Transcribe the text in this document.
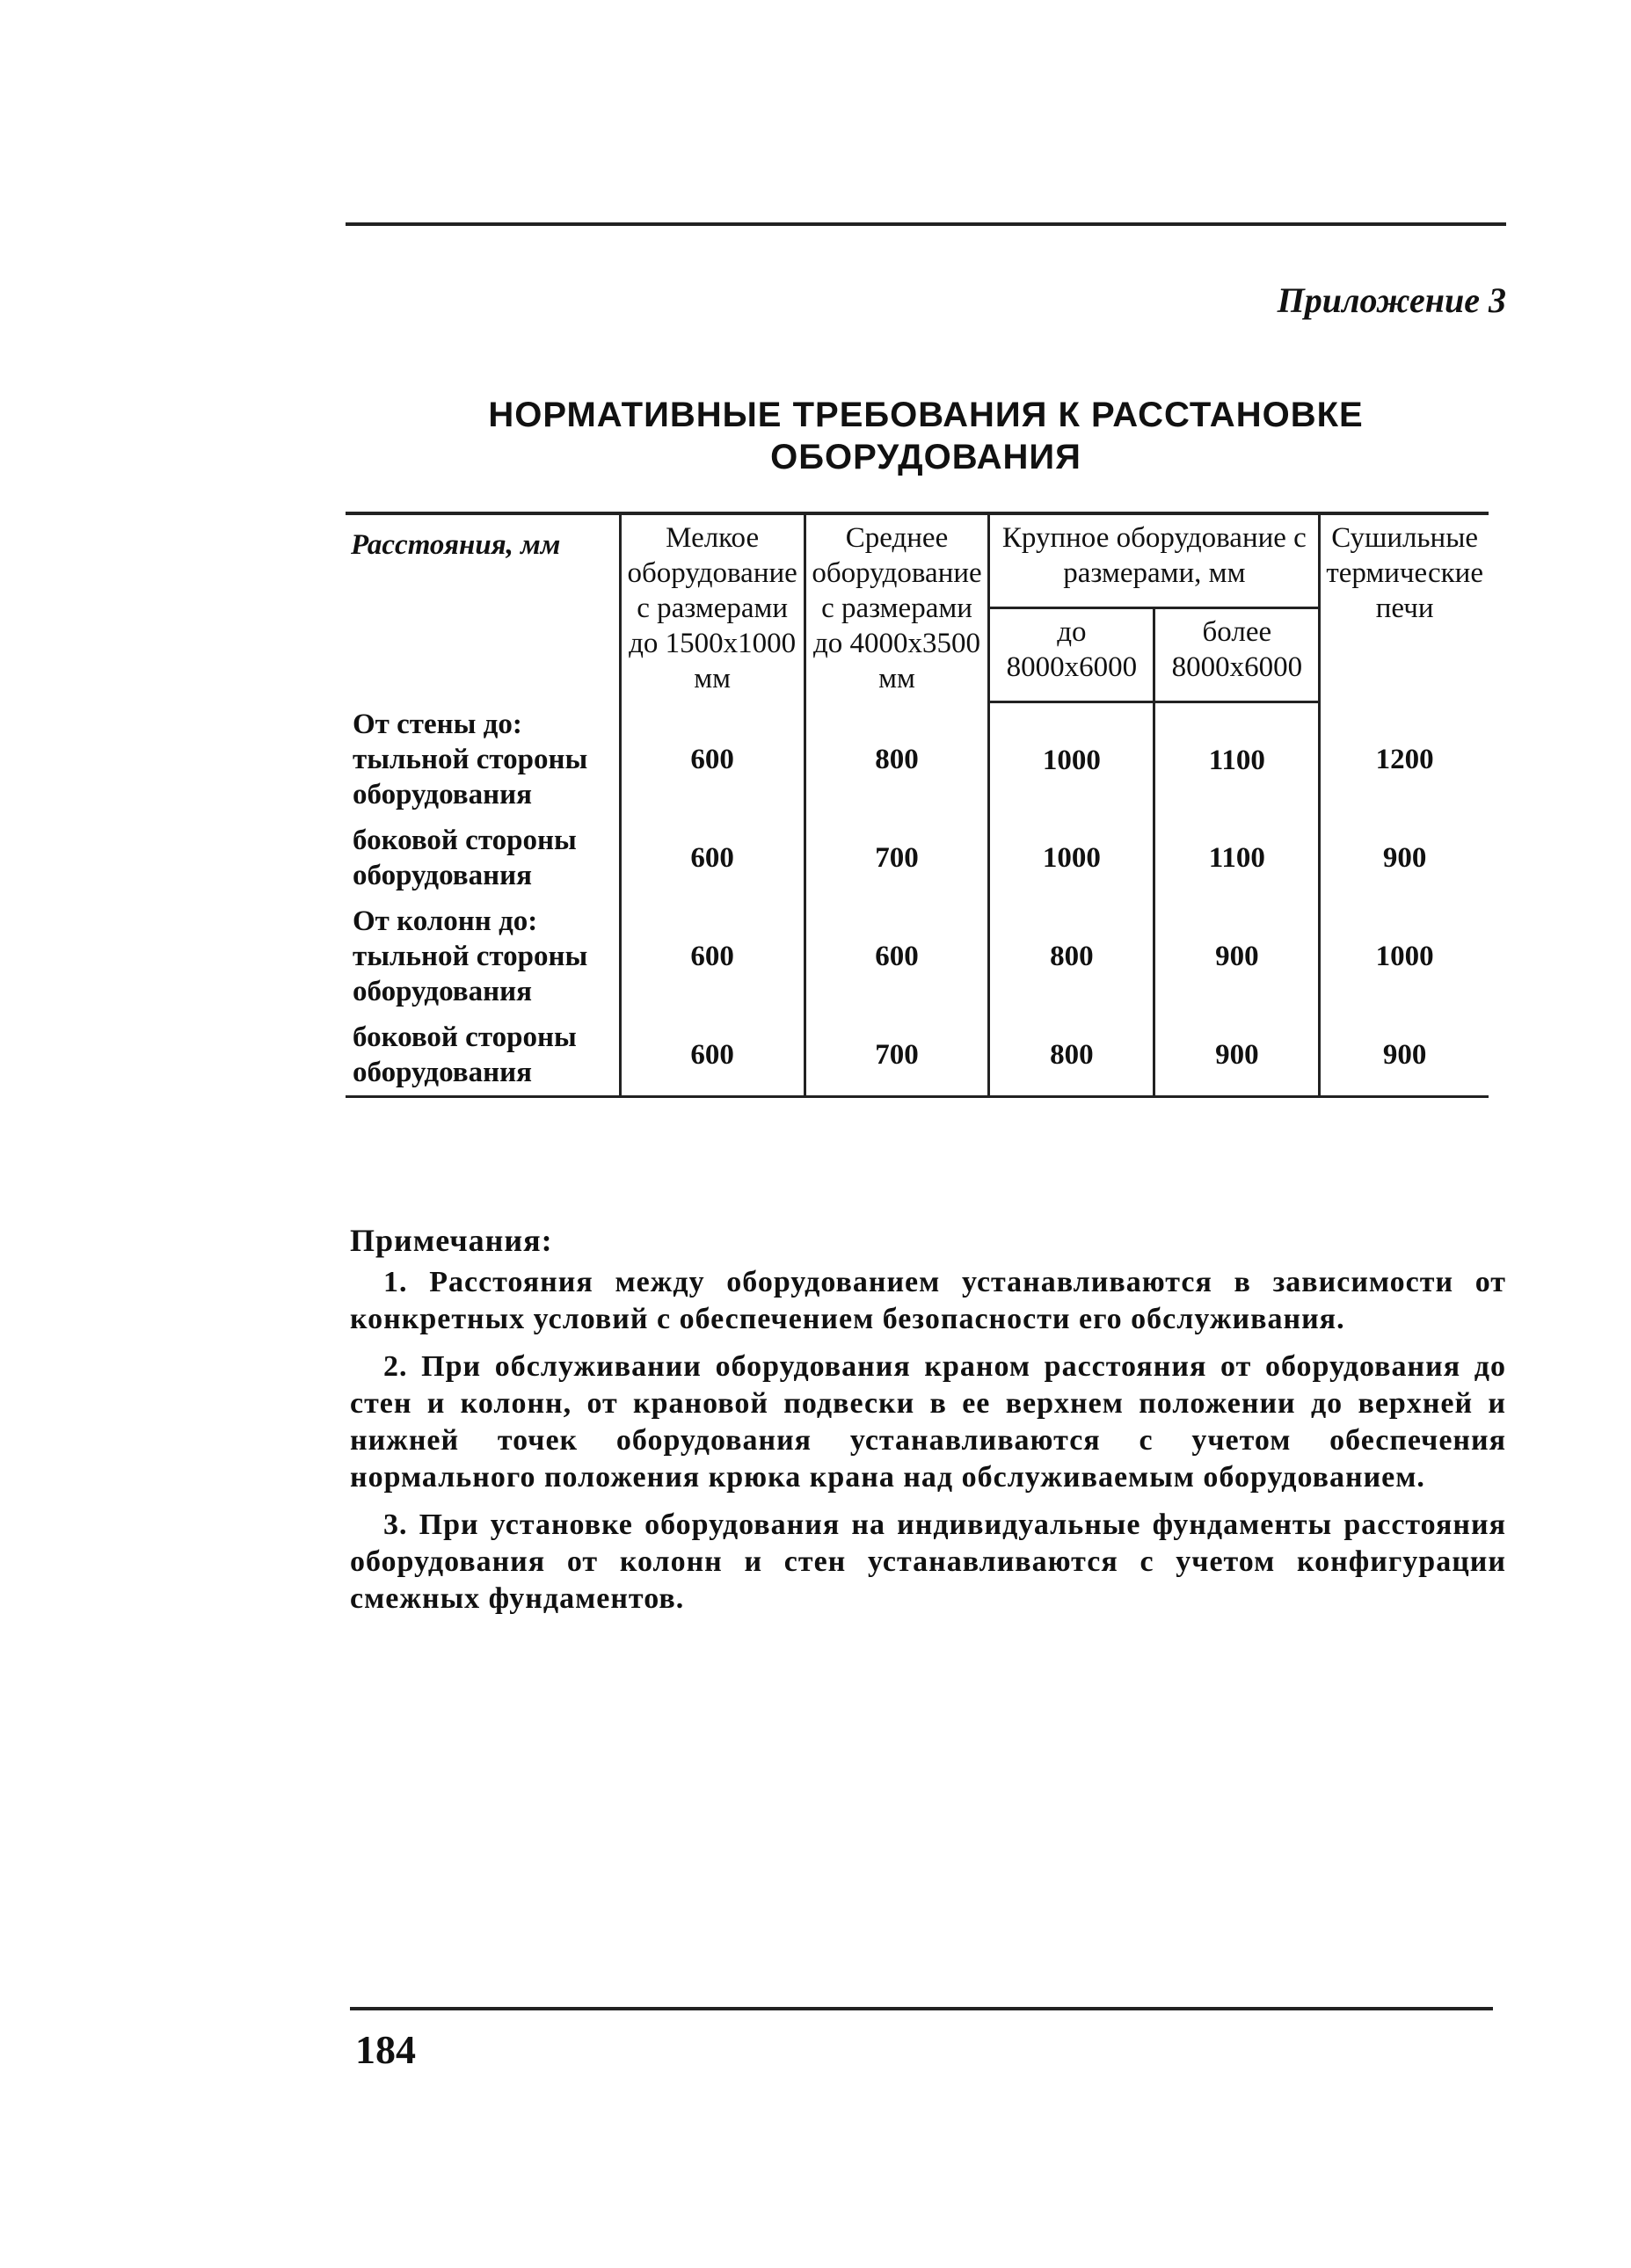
Приложение 3
НОРМАТИВНЫЕ ТРЕБОВАНИЯ К РАССТАНОВКЕ
ОБОРУДОВАНИЯ
Расстояния, мм	Мелкое оборудование с размерами до 1500х1000 мм	Среднее оборудование с размерами до 4000х3500 мм	Крупное оборудование с размерами, мм		Сушильные термические печи
			до 8000х6000	более 8000х6000	

От стены до:
тыльной стороны оборудования	600	800	1000	1100	1200
боковой стороны оборудования	600	700	1000	1100	900

От колонн до:
тыльной стороны оборудования	600	600	800	900	1000
боковой стороны оборудования	600	700	800	900	900
Примечания:

1. Расстояния между оборудованием устанавливаются в зависимости от конкретных условий с обеспечением безопасности его обслуживания.

2. При обслуживании оборудования краном расстояния от оборудования до стен и колонн, от крановой подвески в ее верхнем положении до верхней и нижней точек оборудования устанавливаются с учетом обеспечения нормального положения крюка крана над обслуживаемым оборудованием.

3. При установке оборудования на индивидуальные фундаменты расстояния оборудования от колонн и стен устанавливаются с учетом конфигурации смежных фундаментов.

184
